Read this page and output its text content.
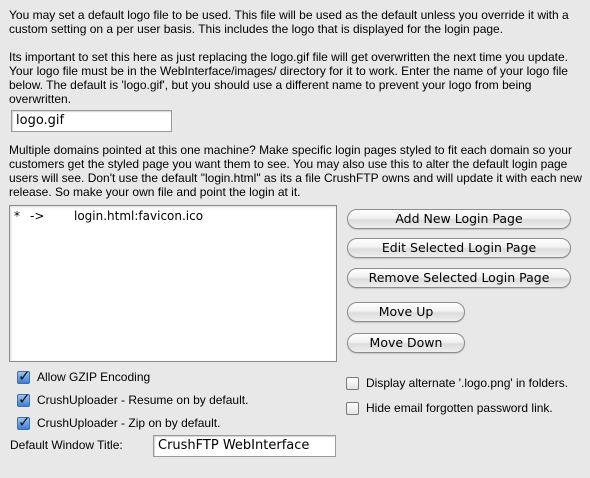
You may set a default logo file to be used. This file will be used as the default unless you override it with a
custom setting on a per user basis. This includes the logo that is displayed for the login page.
Its important to set this here as just replacing the logo.gif file will get overwritten the next time you update.
Your logo file must be in the WebInterface/images/ directory for it to work. Enter the name of your logo file
below. The default is 'logo.gif', but you should use a different name to prevent your logo from being
overwritten.
logo.gif
Multiple domains pointed at this one machine? Make specific login pages styled to fit each domain so your
customers get the styled page you want them to see. You may also use this to alter the default login page
users will see. Don't use the default "login.html" as its a file CrushFTP owns and will update it with each new
release. So make your own file and point the login at it.
* -> login.html:favicon.ico	Add New Login Page
Edit Selected Login Page
Remove Selected Login Page
Move Up
Move Down
✓
Allow GZIP Encoding
✓
CrushUploader - Resume on by default.
✓
CrushUploader - Zip on by default.
Display alternate '.logo.png' in folders.
Hide email forgotten password link.
Default Window Title:	CrushFTP WebInterface
